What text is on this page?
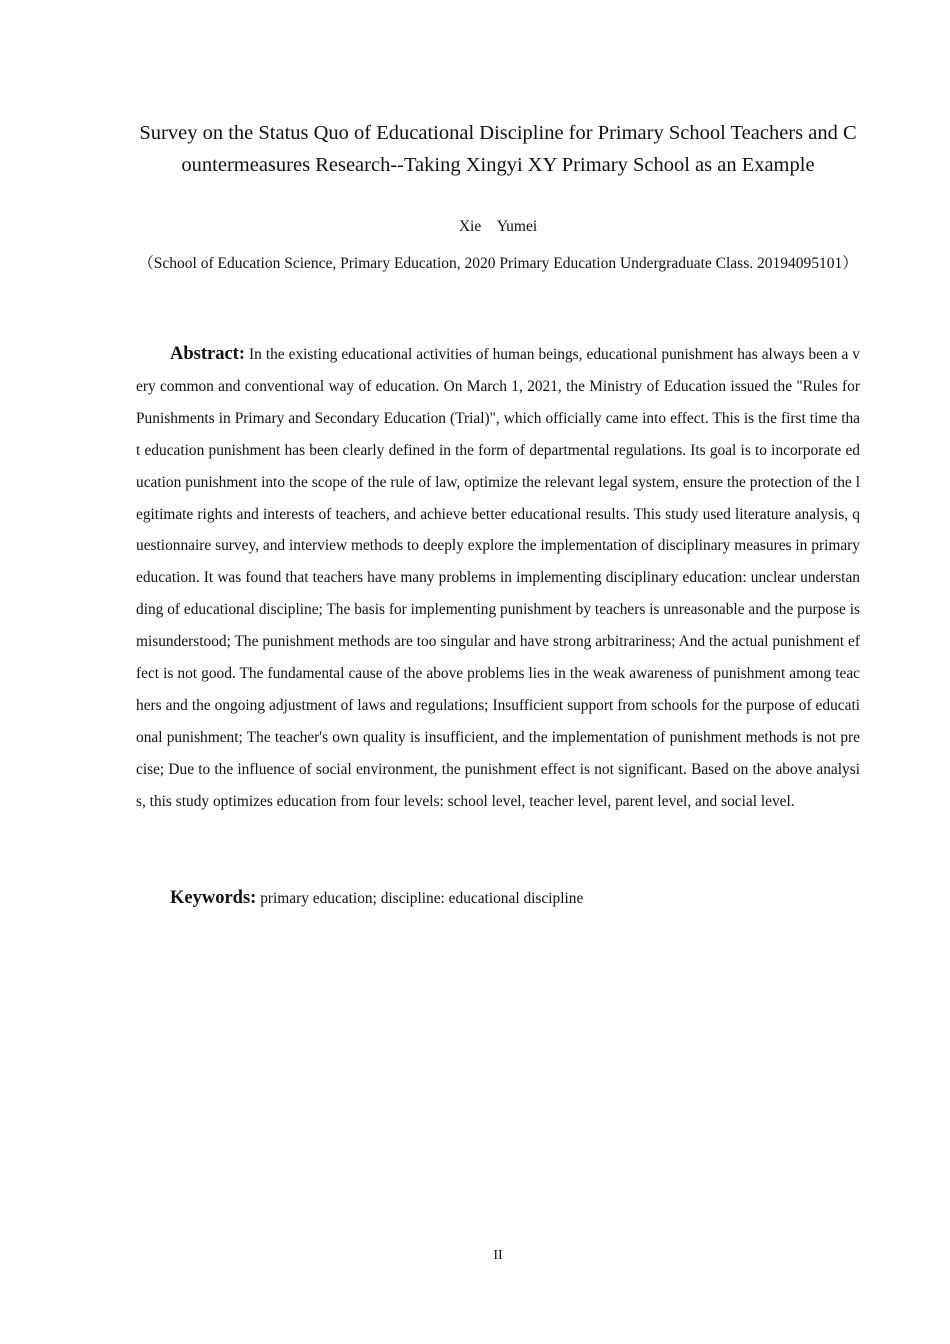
Survey on the Status Quo of Educational Discipline for Primary School Teachers and Countermeasures Research--Taking Xingyi XY Primary School as an Example
Xie　Yumei
（School of Education Science, Primary Education, 2020 Primary Education Undergraduate Class. 20194095101）

Abstract: In the existing educational activities of human beings, educational punishment has always been a very common and conventional way of education. On March 1, 2021, the Ministry of Education issued the "Rules for Punishments in Primary and Secondary Education (Trial)", which officially came into effect. This is the first time that education punishment has been clearly defined in the form of departmental regulations. Its goal is to incorporate education punishment into the scope of the rule of law, optimize the relevant legal system, ensure the protection of the legitimate rights and interests of teachers, and achieve better educational results. This study used literature analysis, questionnaire survey, and interview methods to deeply explore the implementation of disciplinary measures in primary education. It was found that teachers have many problems in implementing disciplinary education: unclear understanding of educational discipline; The basis for implementing punishment by teachers is unreasonable and the purpose is misunderstood; The punishment methods are too singular and have strong arbitrariness; And the actual punishment effect is not good. The fundamental cause of the above problems lies in the weak awareness of punishment among teachers and the ongoing adjustment of laws and regulations; Insufficient support from schools for the purpose of educational punishment; The teacher's own quality is insufficient, and the implementation of punishment methods is not precise; Due to the influence of social environment, the punishment effect is not significant. Based on the above analysis, this study optimizes education from four levels: school level, teacher level, parent level, and social level.

Keywords: primary education; discipline: educational discipline

II
